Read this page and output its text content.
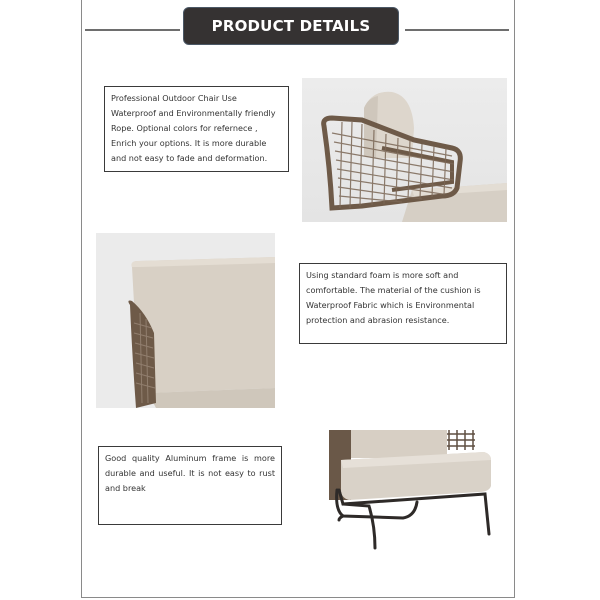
PRODUCT DETAILS
Professional Outdoor Chair Use Waterproof and Environmentally friendly Rope. Optional colors for refernece , Enrich your options. It is more durable and not easy to fade and deformation.
Using standard foam is more soft and comfortable. The material of the cushion is Waterproof Fabric which is Environmental protection and abrasion resistance.
Good quality Aluminum frame is more durable and useful. It is not easy to rust and break
